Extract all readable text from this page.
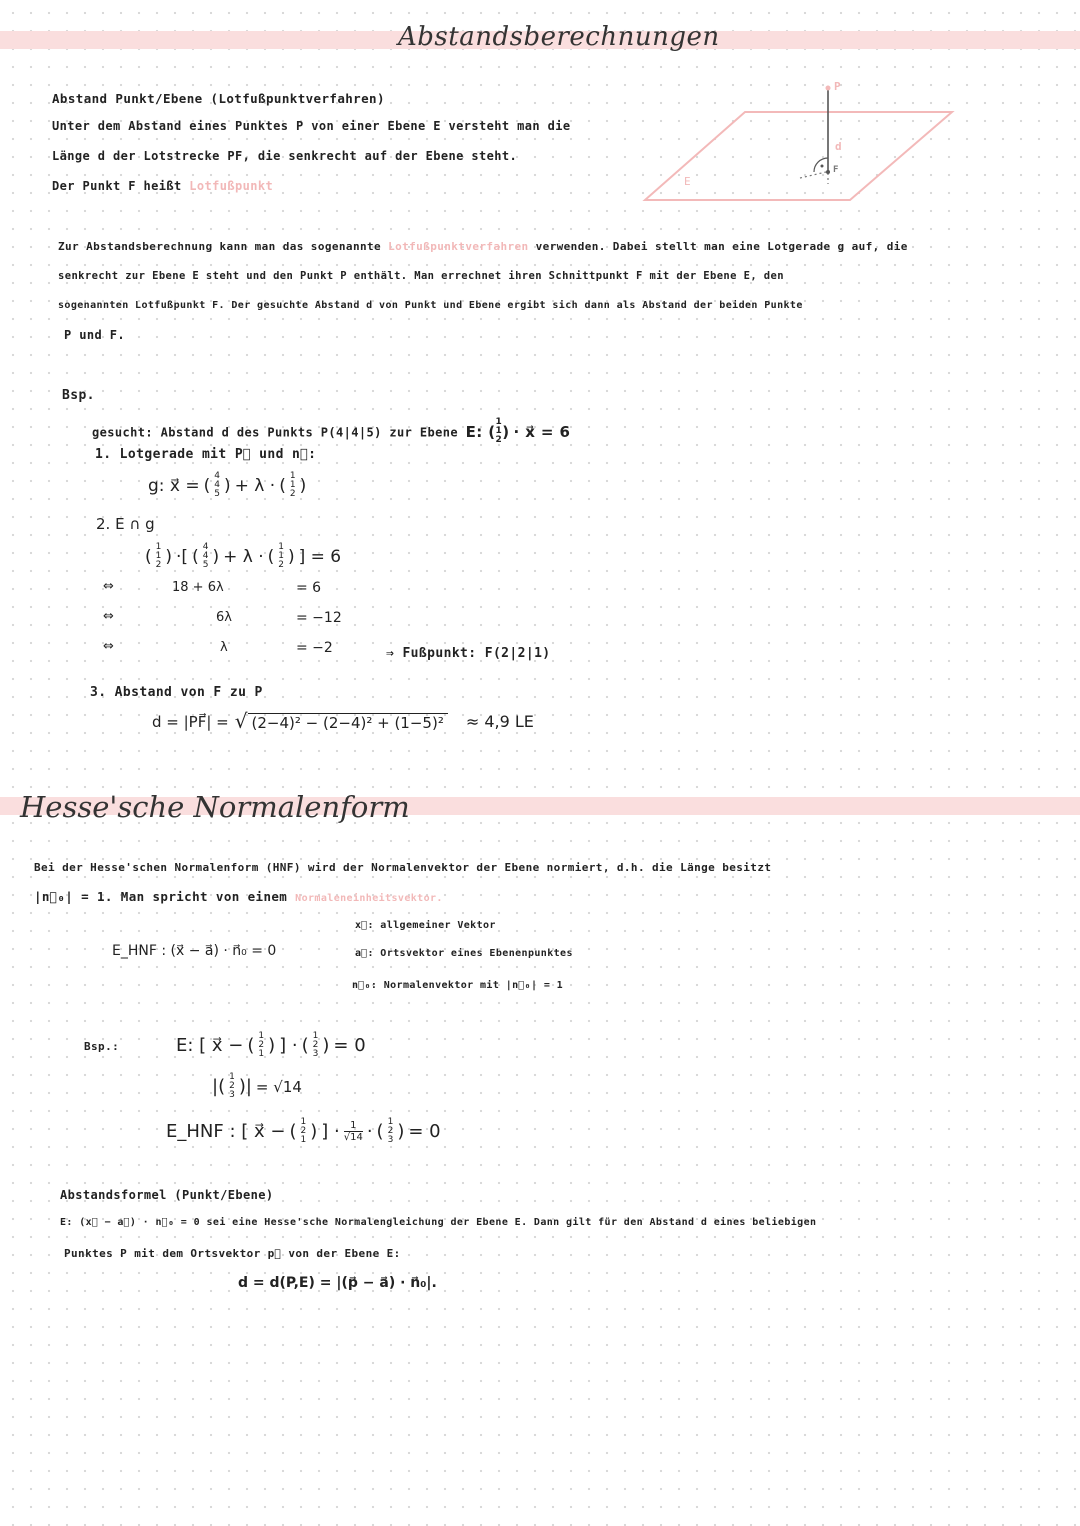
Abstandsberechnungen
Abstand Punkt/Ebene (Lotfußpunktverfahren)
Unter dem Abstand eines Punktes P von einer Ebene E versteht man die
Länge d der Lotstrecke PF, die senkrecht auf der Ebene steht.
Der Punkt F heißt Lotfußpunkt
P
d
E
F
Zur Abstandsberechnung kann man das sogenannte Lotfußpunktverfahren verwenden. Dabei stellt man eine Lotgerade g auf, die
senkrecht zur Ebene E steht und den Punkt P enthält. Man errechnet ihren Schnittpunkt F mit der Ebene E, den
sogenannten Lotfußpunkt F. Der gesuchte Abstand d von Punkt und Ebene ergibt sich dann als Abstand der beiden Punkte
P und F.
Bsp.
gesucht: Abstand d des Punkts P(4|4|5) zur Ebene E: (
1
1
2 ) · x⃗ = 6
1. Lotgerade mit P⃗ und n⃗:
g: x⃗ = ( 4
4
5 ) + λ · ( 1
1
2 )
2. E ∩ g
( 1
1
2 ) ·[ ( 4
4
5 ) + λ · ( 1
1
2 ) ] = 6
⇔	18 + 6λ	= 6
⇔	6λ	= −12
⇔	λ	= −2	⇒ Fußpunkt: F(2|2|1)
3. Abstand von F zu P
d = |PF⃗| = √ (2−4)² − (2−4)² + (1−5)² ≈ 4,9 LE
Hesse'sche Normalenform
Bei der Hesse'schen Normalenform (HNF) wird der Normalenvektor der Ebene normiert, d.h. die Länge besitzt
|n⃗₀| = 1. Man spricht von einem Normaleneinheitsvektor.
E_HNF : (x⃗ − a⃗) · n⃗₀ = 0
x⃗: allgemeiner Vektor
a⃗: Ortsvektor eines Ebenenpunktes
n⃗₀: Normalenvektor mit |n⃗₀| = 1
Bsp.:	E: [ x⃗ − ( 1
2
1 ) ] · ( 1
2
3 ) = 0
|( 1
2
3 )| = √14
E_HNF : [ x⃗ − ( 1
2
1 ) ] ·	1
√14 · ( 1
2
3 ) = 0
Abstandsformel (Punkt/Ebene)
E: (x⃗ − a⃗) · n⃗₀ = 0 sei eine Hesse'sche Normalengleichung der Ebene E. Dann gilt für den Abstand d eines beliebigen
Punktes P mit dem Ortsvektor p⃗ von der Ebene E:
d = d(P,E) = |(p⃗ − a⃗) · n⃗₀|.
